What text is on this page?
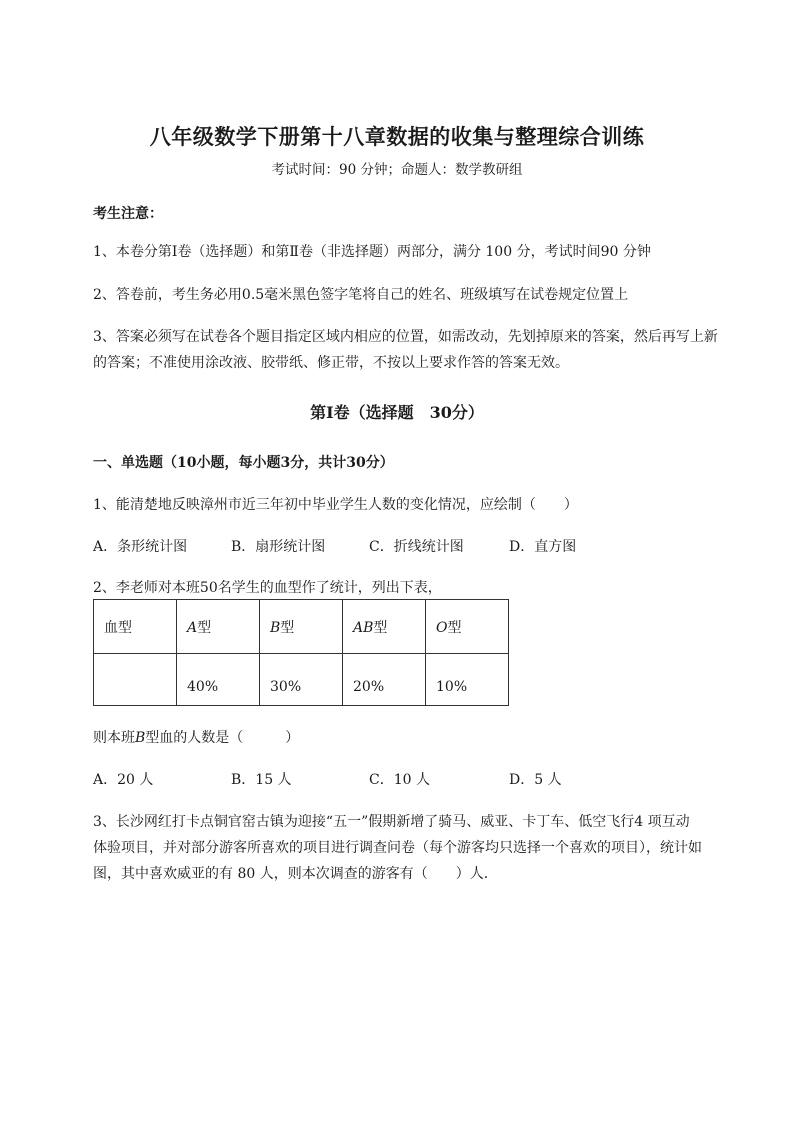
八年级数学下册第十八章数据的收集与整理综合训练
考试时间：90 分钟；命题人：数学教研组
考生注意：
1、本卷分第Ⅰ卷（选择题）和第Ⅱ卷（非选择题）两部分，满分 100 分，考试时间90 分钟
2、答卷前，考生务必用0.5毫米黑色签字笔将自己的姓名、班级填写在试卷规定位置上
3、答案必须写在试卷各个题目指定区域内相应的位置，如需改动，先划掉原来的答案，然后再写上新
的答案；不准使用涂改液、胶带纸、修正带，不按以上要求作答的答案无效。
第Ⅰ卷（选择题　30分）
一、单选题（10小题，每小题3分，共计30分）
1、能清楚地反映漳州市近三年初中毕业学生人数的变化情况，应绘制（　　）
A．条形统计图	B．扇形统计图	C．折线统计图	D．直方图
2、李老师对本班50名学生的血型作了统计，列出下表，
血型	A型	B型	AB型	O型
	40%	30%	20%	10%
则本班B型血的人数是（　　　）
A．20 人	B．15 人	C．10 人	D．5 人
3、长沙网红打卡点铜官窑古镇为迎接“五一”假期新增了骑马、威亚、卡丁车、低空飞行4 项互动
体验项目，并对部分游客所喜欢的项目进行调查问卷（每个游客均只选择一个喜欢的项目），统计如
图，其中喜欢威亚的有 80 人，则本次调查的游客有（　　）人．
